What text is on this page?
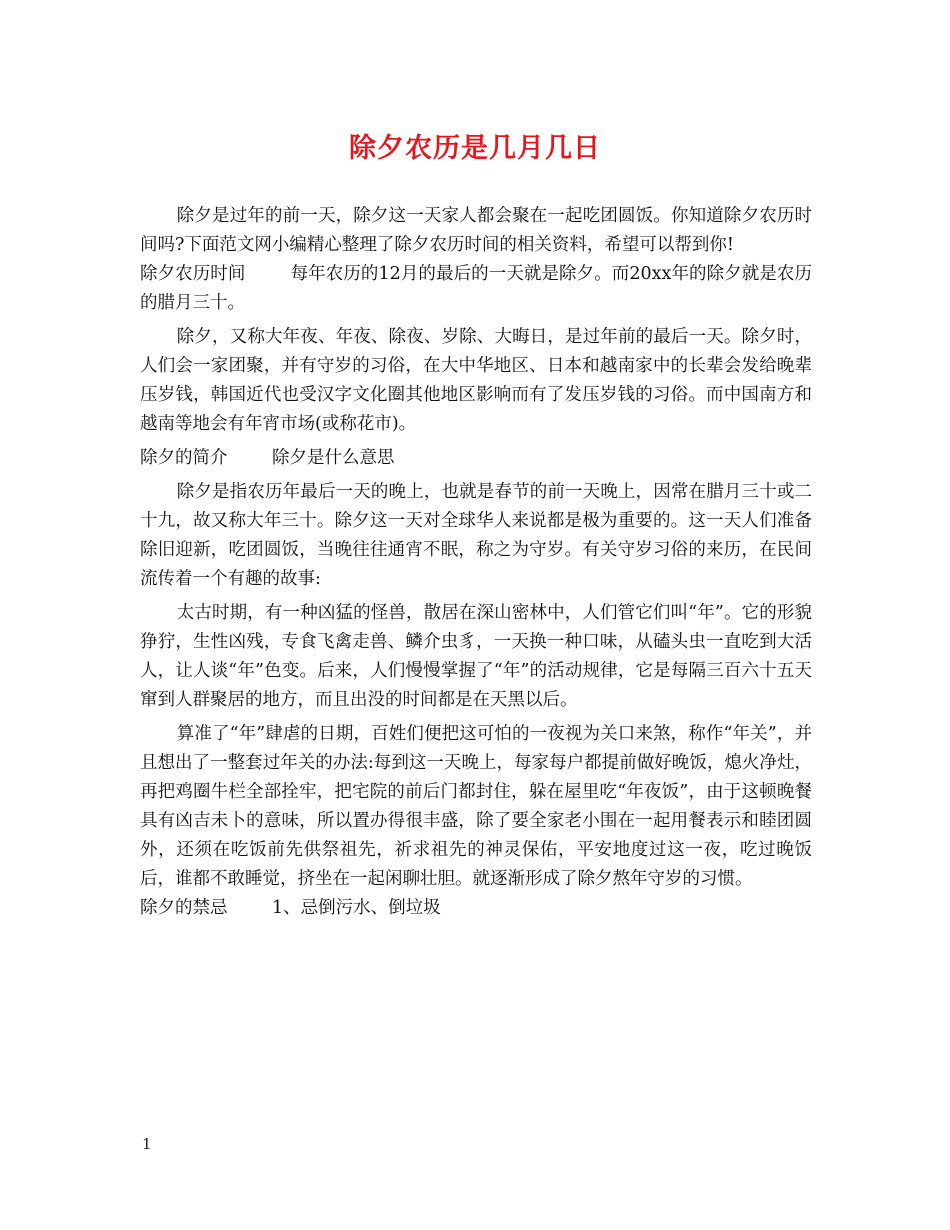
除夕农历是几月几日

除夕是过年的前一天，除夕这一天家人都会聚在一起吃团圆饭。你知道除夕农历时间吗?下面范文网小编精心整理了除夕农历时间的相关资料，希望可以帮到你!

除夕农历时间	每年农历的12月的最后的一天就是除夕。而20xx年的除夕就是农历的腊月三十。

除夕，又称大年夜、年夜、除夜、岁除、大晦日，是过年前的最后一天。除夕时，人们会一家团聚，并有守岁的习俗，在大中华地区、日本和越南家中的长辈会发给晚辈压岁钱，韩国近代也受汉字文化圈其他地区影响而有了发压岁钱的习俗。而中国南方和越南等地会有年宵市场(或称花市)。

除夕的简介	除夕是什么意思

除夕是指农历年最后一天的晚上，也就是春节的前一天晚上，因常在腊月三十或二十九，故又称大年三十。除夕这一天对全球华人来说都是极为重要的。这一天人们准备除旧迎新，吃团圆饭，当晚往往通宵不眠，称之为守岁。有关守岁习俗的来历，在民间流传着一个有趣的故事:

太古时期，有一种凶猛的怪兽，散居在深山密林中，人们管它们叫“年”。它的形貌狰狞，生性凶残，专食飞禽走兽、鳞介虫豸，一天换一种口味，从磕头虫一直吃到大活人，让人谈“年”色变。后来，人们慢慢掌握了“年”的活动规律，它是每隔三百六十五天窜到人群聚居的地方，而且出没的时间都是在天黑以后。

算准了“年”肆虐的日期，百姓们便把这可怕的一夜视为关口来煞，称作“年关”，并且想出了一整套过年关的办法:每到这一天晚上，每家每户都提前做好晚饭，熄火净灶，再把鸡圈牛栏全部拴牢，把宅院的前后门都封住，躲在屋里吃“年夜饭”，由于这顿晚餐具有凶吉未卜的意味，所以置办得很丰盛，除了要全家老小围在一起用餐表示和睦团圆外，还须在吃饭前先供祭祖先，祈求祖先的神灵保佑，平安地度过这一夜，吃过晚饭后，谁都不敢睡觉，挤坐在一起闲聊壮胆。就逐渐形成了除夕熬年守岁的习惯。

除夕的禁忌	1、忌倒污水、倒垃圾

1
